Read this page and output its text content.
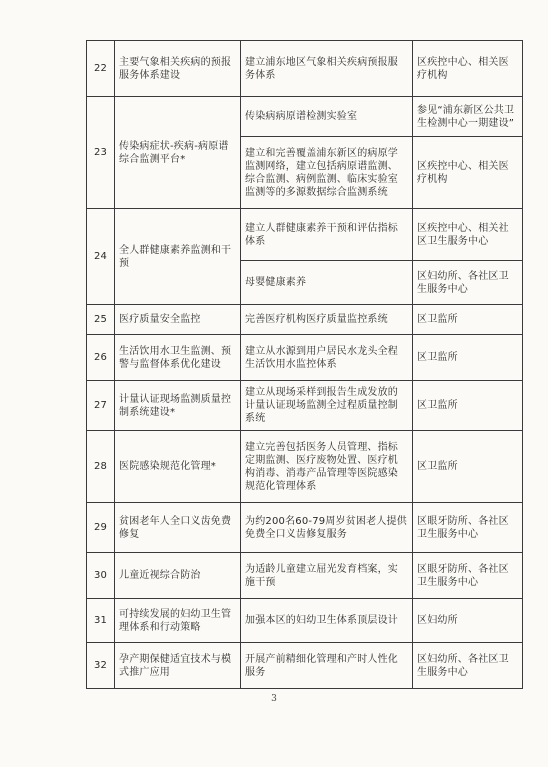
22	主要气象相关疾病的预报服务体系建设	建立浦东地区气象相关疾病预报服务体系	区疾控中心、相关医疗机构
23	传染病症状-疾病-病原谱综合监测平台*	传染病病原谱检测实验室	参见“浦东新区公共卫生检测中心一期建设”
		建立和完善覆盖浦东新区的病原学监测网络，建立包括病原谱监测、综合监测、病例监测、临床实验室监测等的多源数据综合监测系统	区疾控中心、相关医疗机构
24	全人群健康素养监测和干预	建立人群健康素养干预和评估指标体系	区疾控中心、相关社区卫生服务中心
		母婴健康素养	区妇幼所、各社区卫生服务中心
25	医疗质量安全监控	完善医疗机构医疗质量监控系统	区卫监所
26	生活饮用水卫生监测、预警与监督体系优化建设	建立从水源到用户居民水龙头全程生活饮用水监控体系	区卫监所
27	计量认证现场监测质量控制系统建设*	建立从现场采样到报告生成发放的计量认证现场监测全过程质量控制系统	区卫监所
28	医院感染规范化管理*	建立完善包括医务人员管理、指标定期监测、医疗废物处置、医疗机构消毒、消毒产品管理等医院感染规范化管理体系	区卫监所
29	贫困老年人全口义齿免费修复	为约200名60-79周岁贫困老人提供免费全口义齿修复服务	区眼牙防所、各社区卫生服务中心
30	儿童近视综合防治	为适龄儿童建立屈光发育档案，实施干预	区眼牙防所、各社区卫生服务中心
31	可持续发展的妇幼卫生管理体系和行动策略	加强本区的妇幼卫生体系顶层设计	区妇幼所
32	孕产期保健适宜技术与模式推广应用	开展产前精细化管理和产时人性化服务	区妇幼所、各社区卫生服务中心
3
